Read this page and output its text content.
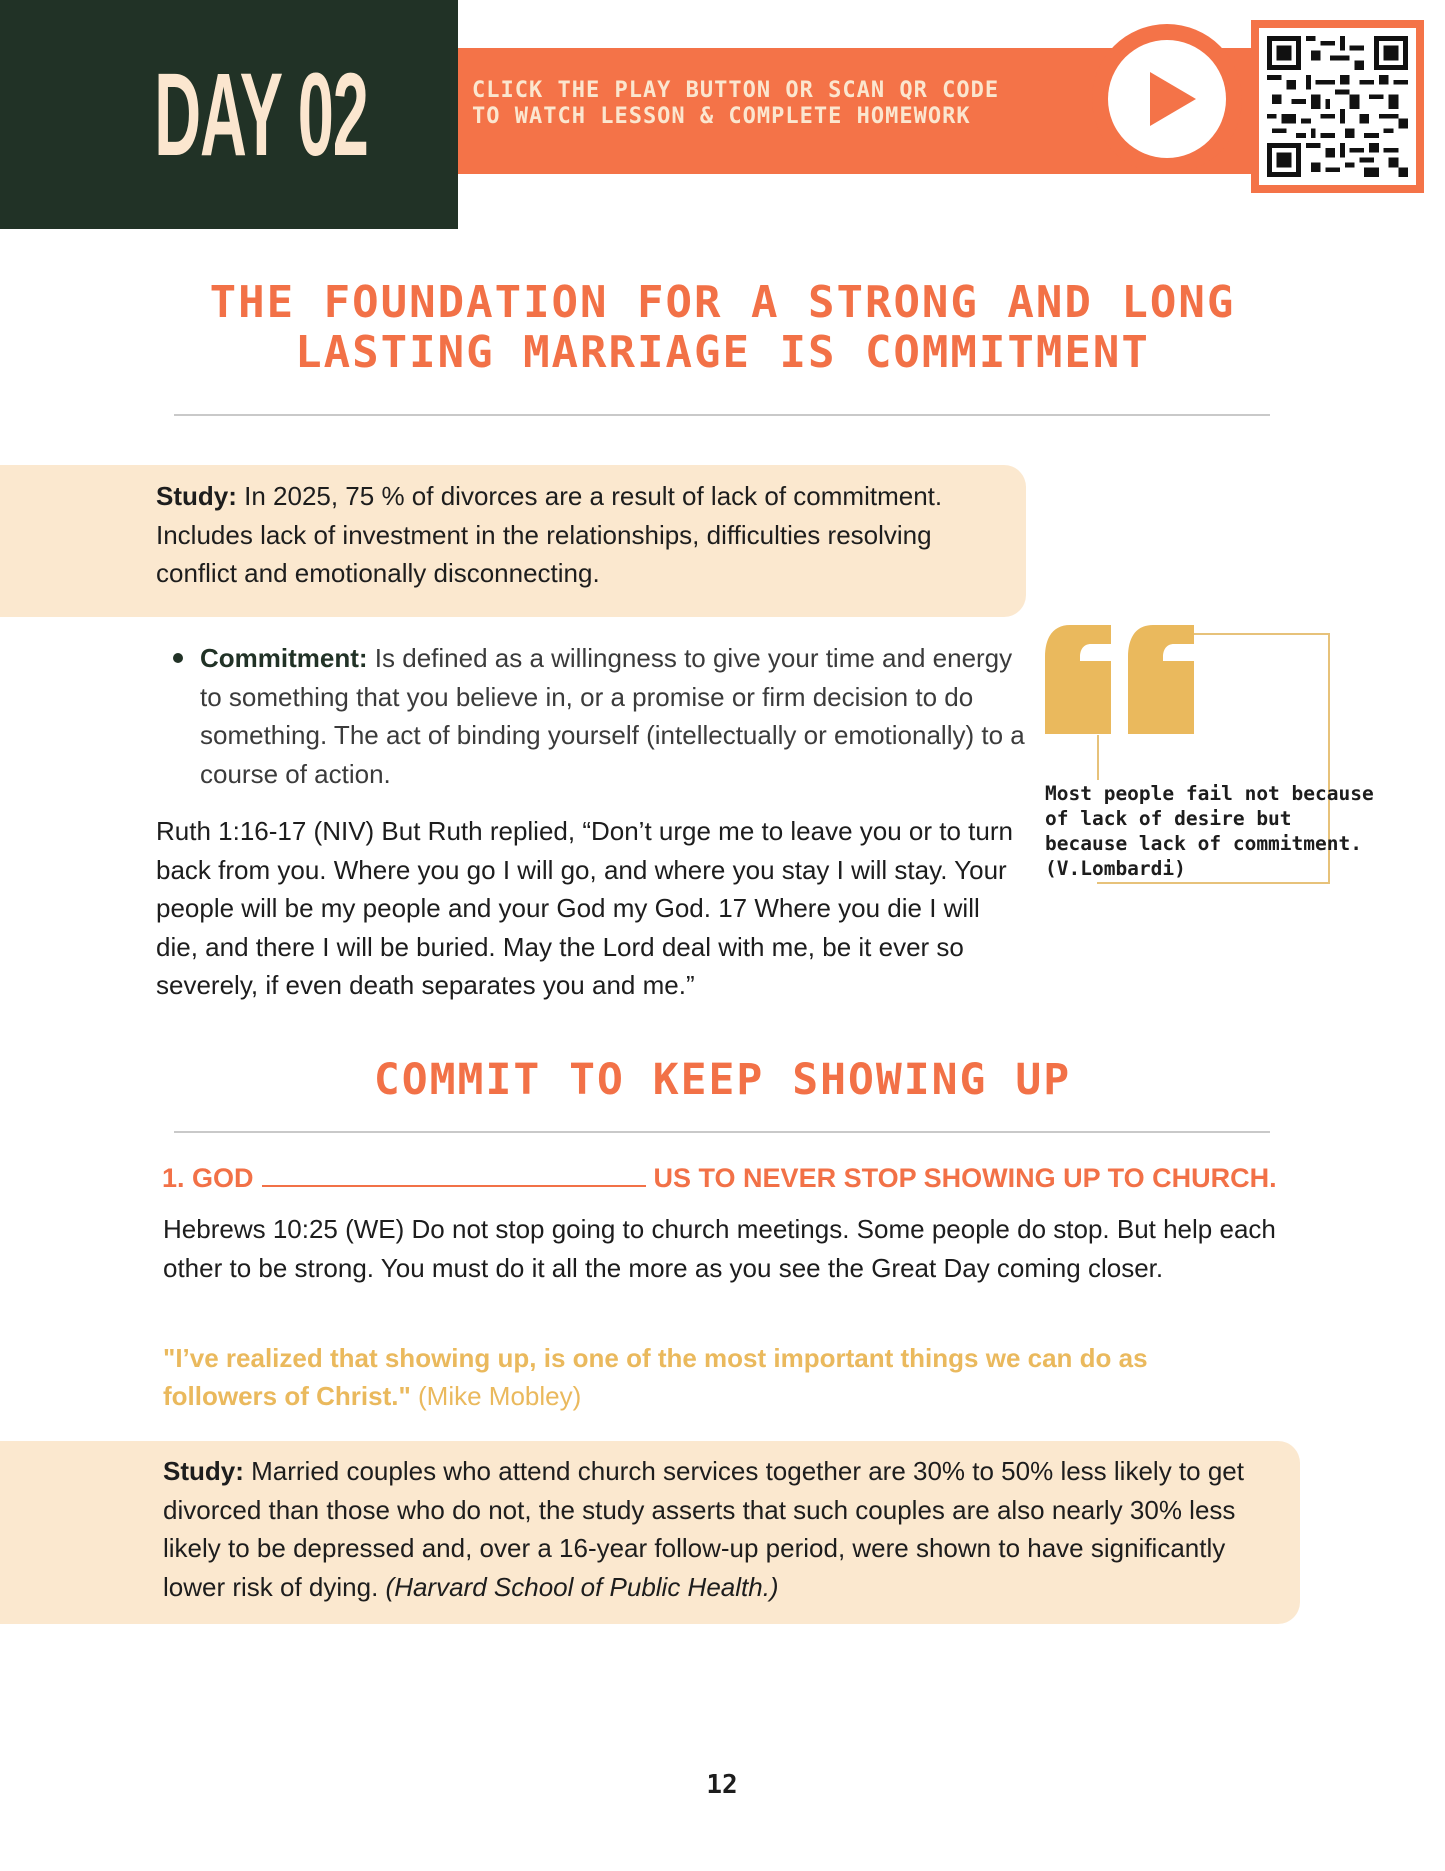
DAY 02	CLICK THE PLAY BUTTON OR SCAN QR CODE
TO WATCH LESSON & COMPLETE HOMEWORK
THE FOUNDATION FOR A STRONG AND LONG
LASTING MARRIAGE IS COMMITMENT
Study: In 2025, 75 % of divorces are a result of lack of commitment. Includes lack of investment in the relationships, difficulties resolving conflict and emotionally disconnecting.
Commitment: Is defined as a willingness to give your time and energy to something that you believe in, or a promise or firm decision to do something. The act of binding yourself (intellectually or emotionally) to a course of action.
Ruth 1:16-17 (NIV) But Ruth replied, “Don’t urge me to leave you or to turn back from you. Where you go I will go, and where you stay I will stay. Your people will be my people and your God my God. 17 Where you die I will die, and there I will be buried. May the Lord deal with me, be it ever so severely, if even death separates you and me.”
Most people fail not because of lack of desire but because lack of commitment. (V.Lombardi)
COMMIT TO KEEP SHOWING UP
1. GOD	US TO NEVER STOP SHOWING UP TO CHURCH.
Hebrews 10:25 (WE) Do not stop going to church meetings. Some people do stop. But help each other to be strong. You must do it all the more as you see the Great Day coming closer.
"I’ve realized that showing up, is one of the most important things we can do as followers of Christ." (Mike Mobley)
Study: Married couples who attend church services together are 30% to 50% less likely to get divorced than those who do not, the study asserts that such couples are also nearly 30% less likely to be depressed and, over a 16-year follow-up period, were shown to have significantly lower risk of dying. (Harvard School of Public Health.)
12
